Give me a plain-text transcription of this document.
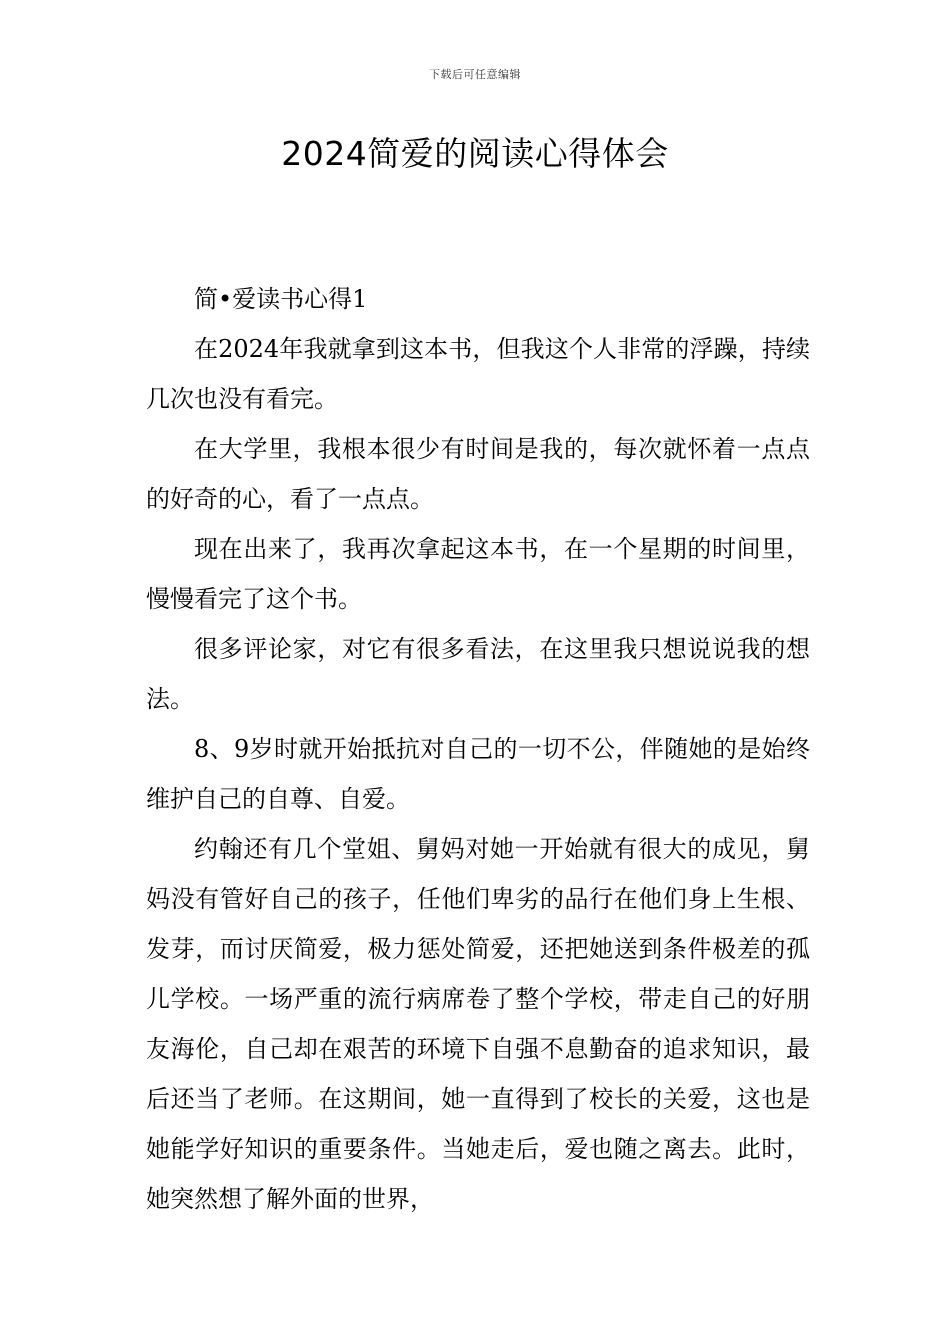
下载后可任意编辑
2024简爱的阅读心得体会

简•爱读书心得1

在2024年我就拿到这本书，但我这个人非常的浮躁，持续几次也没有看完。

在大学里，我根本很少有时间是我的，每次就怀着一点点的好奇的心，看了一点点。

现在出来了，我再次拿起这本书，在一个星期的时间里，慢慢看完了这个书。

很多评论家，对它有很多看法，在这里我只想说说我的想法。

8、9岁时就开始抵抗对自己的一切不公，伴随她的是始终维护自己的自尊、自爱。

约翰还有几个堂姐、舅妈对她一开始就有很大的成见，舅妈没有管好自己的孩子，任他们卑劣的品行在他们身上生根、发芽，而讨厌简爱，极力惩处简爱，还把她送到条件极差的孤儿学校。一场严重的流行病席卷了整个学校，带走自己的好朋友海伦，自己却在艰苦的环境下自强不息勤奋的追求知识，最后还当了老师。在这期间，她一直得到了校长的关爱，这也是她能学好知识的重要条件。当她走后，爱也随之离去。此时，她突然想了解外面的世界，
